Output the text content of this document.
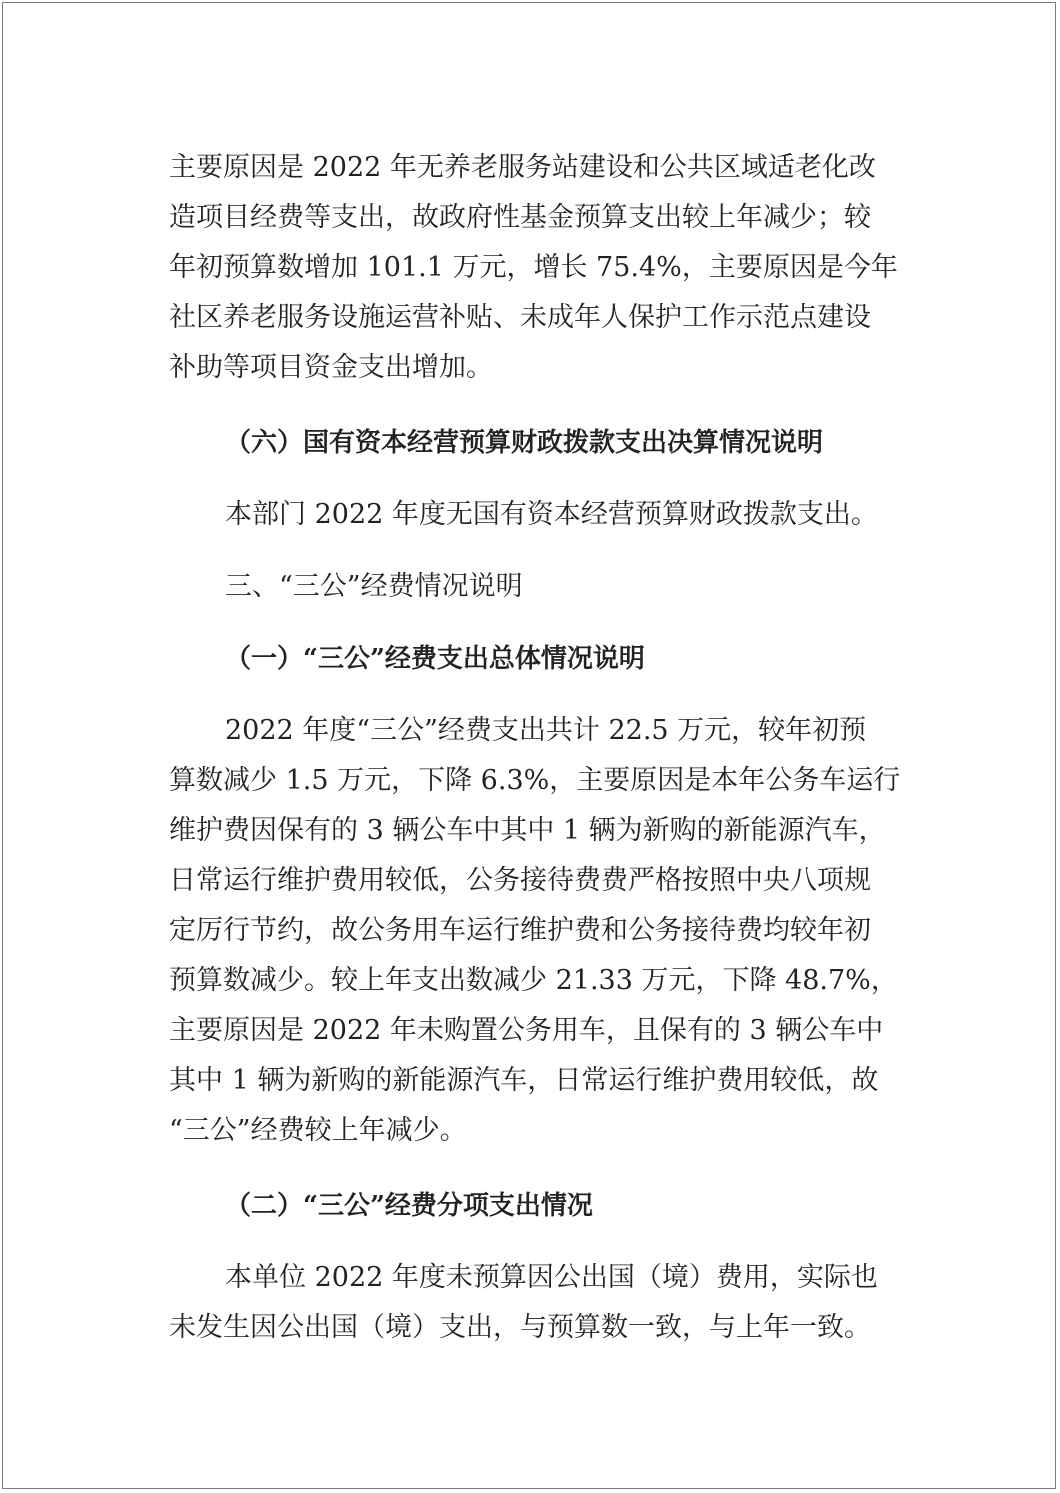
主要原因是 2022 年无养老服务站建设和公共区域适老化改
造项目经费等支出，故政府性基金预算支出较上年减少；较
年初预算数增加 101.1 万元，增长 75.4%，主要原因是今年
社区养老服务设施运营补贴、未成年人保护工作示范点建设
补助等项目资金支出增加。
（六）国有资本经营预算财政拨款支出决算情况说明
本部门 2022 年度无国有资本经营预算财政拨款支出。
三、“三公”经费情况说明
（一）“三公”经费支出总体情况说明
2022 年度“三公”经费支出共计 22.5 万元，较年初预
算数减少 1.5 万元，下降 6.3%，主要原因是本年公务车运行
维护费因保有的 3 辆公车中其中 1 辆为新购的新能源汽车，
日常运行维护费用较低，公务接待费费严格按照中央八项规
定厉行节约，故公务用车运行维护费和公务接待费均较年初
预算数减少。较上年支出数减少 21.33 万元，下降 48.7%，
主要原因是 2022 年未购置公务用车，且保有的 3 辆公车中
其中 1 辆为新购的新能源汽车，日常运行维护费用较低，故
“三公”经费较上年减少。
（二）“三公”经费分项支出情况
本单位 2022 年度未预算因公出国（境）费用，实际也
未发生因公出国（境）支出，与预算数一致，与上年一致。
